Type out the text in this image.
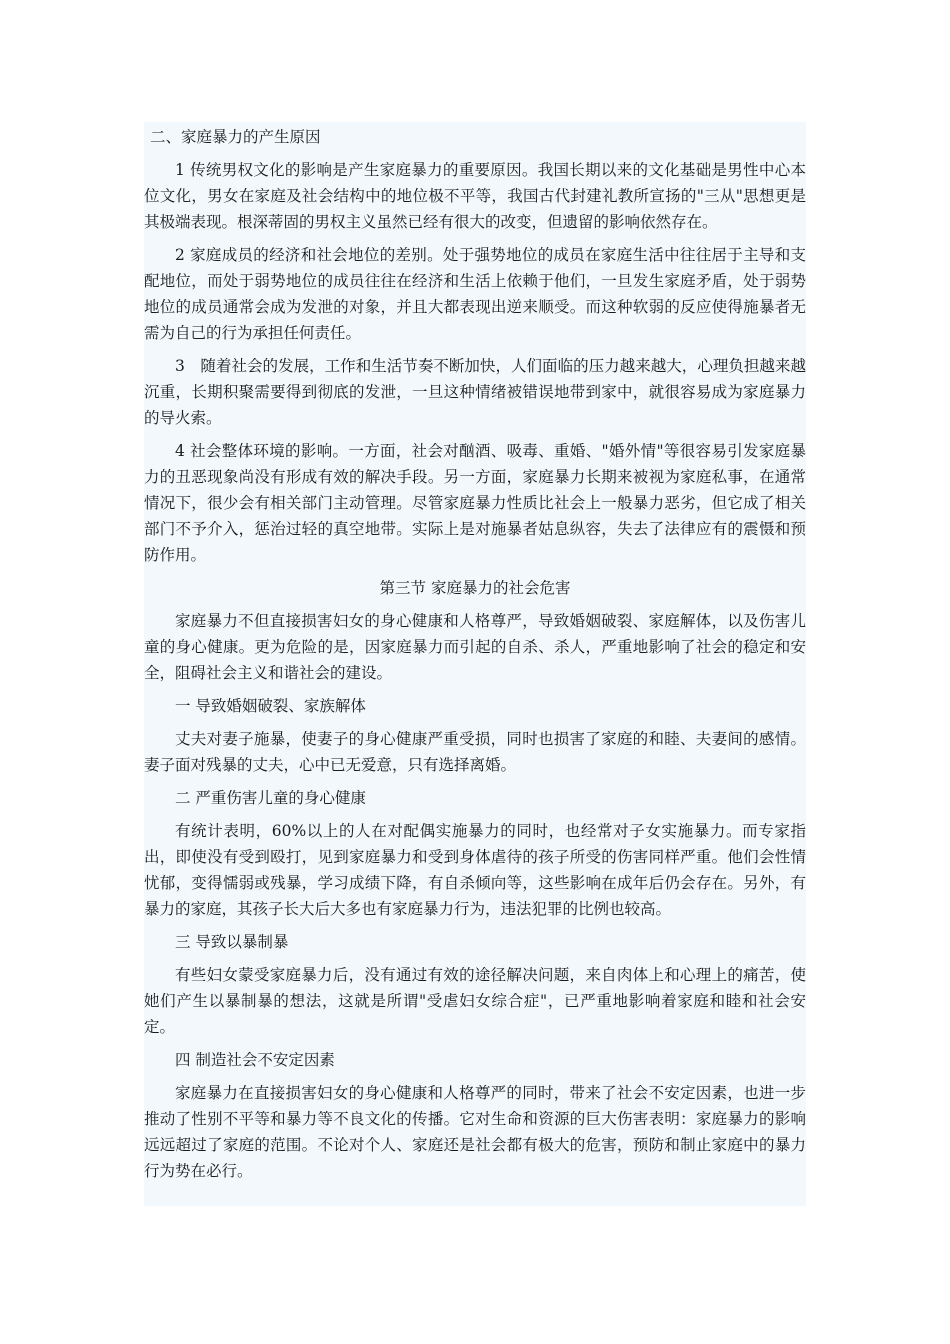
二、家庭暴力的产生原因

1 传统男权文化的影响是产生家庭暴力的重要原因。我国长期以来的文化基础是男性中心本位文化，男女在家庭及社会结构中的地位极不平等，我国古代封建礼教所宣扬的"三从"思想更是其极端表现。根深蒂固的男权主义虽然已经有很大的改变，但遗留的影响依然存在。

2 家庭成员的经济和社会地位的差别。处于强势地位的成员在家庭生活中往往居于主导和支配地位，而处于弱势地位的成员往往在经济和生活上依赖于他们，一旦发生家庭矛盾，处于弱势地位的成员通常会成为发泄的对象，并且大都表现出逆来顺受。而这种软弱的反应使得施暴者无需为自己的行为承担任何责任。

3　随着社会的发展，工作和生活节奏不断加快，人们面临的压力越来越大，心理负担越来越沉重，长期积聚需要得到彻底的发泄，一旦这种情绪被错误地带到家中，就很容易成为家庭暴力的导火索。

4 社会整体环境的影响。一方面，社会对酗酒、吸毒、重婚、"婚外情"等很容易引发家庭暴力的丑恶现象尚没有形成有效的解决手段。另一方面，家庭暴力长期来被视为家庭私事，在通常情况下，很少会有相关部门主动管理。尽管家庭暴力性质比社会上一般暴力恶劣，但它成了相关部门不予介入，惩治过轻的真空地带。实际上是对施暴者姑息纵容，失去了法律应有的震慑和预防作用。

第三节 家庭暴力的社会危害

家庭暴力不但直接损害妇女的身心健康和人格尊严，导致婚姻破裂、家庭解体，以及伤害儿童的身心健康。更为危险的是，因家庭暴力而引起的自杀、杀人，严重地影响了社会的稳定和安全，阻碍社会主义和谐社会的建设。

一 导致婚姻破裂、家族解体

丈夫对妻子施暴，使妻子的身心健康严重受损，同时也损害了家庭的和睦、夫妻间的感情。妻子面对残暴的丈夫，心中已无爱意，只有选择离婚。

二 严重伤害儿童的身心健康

有统计表明，60%以上的人在对配偶实施暴力的同时，也经常对子女实施暴力。而专家指出，即使没有受到殴打，见到家庭暴力和受到身体虐待的孩子所受的伤害同样严重。他们会性情忧郁，变得懦弱或残暴，学习成绩下降，有自杀倾向等，这些影响在成年后仍会存在。另外，有暴力的家庭，其孩子长大后大多也有家庭暴力行为，违法犯罪的比例也较高。

三 导致以暴制暴

有些妇女蒙受家庭暴力后，没有通过有效的途径解决问题，来自肉体上和心理上的痛苦，使她们产生以暴制暴的想法，这就是所谓"受虐妇女综合症"，已严重地影响着家庭和睦和社会安定。

四 制造社会不安定因素

家庭暴力在直接损害妇女的身心健康和人格尊严的同时，带来了社会不安定因素，也进一步推动了性别不平等和暴力等不良文化的传播。它对生命和资源的巨大伤害表明：家庭暴力的影响远远超过了家庭的范围。不论对个人、家庭还是社会都有极大的危害，预防和制止家庭中的暴力行为势在必行。
